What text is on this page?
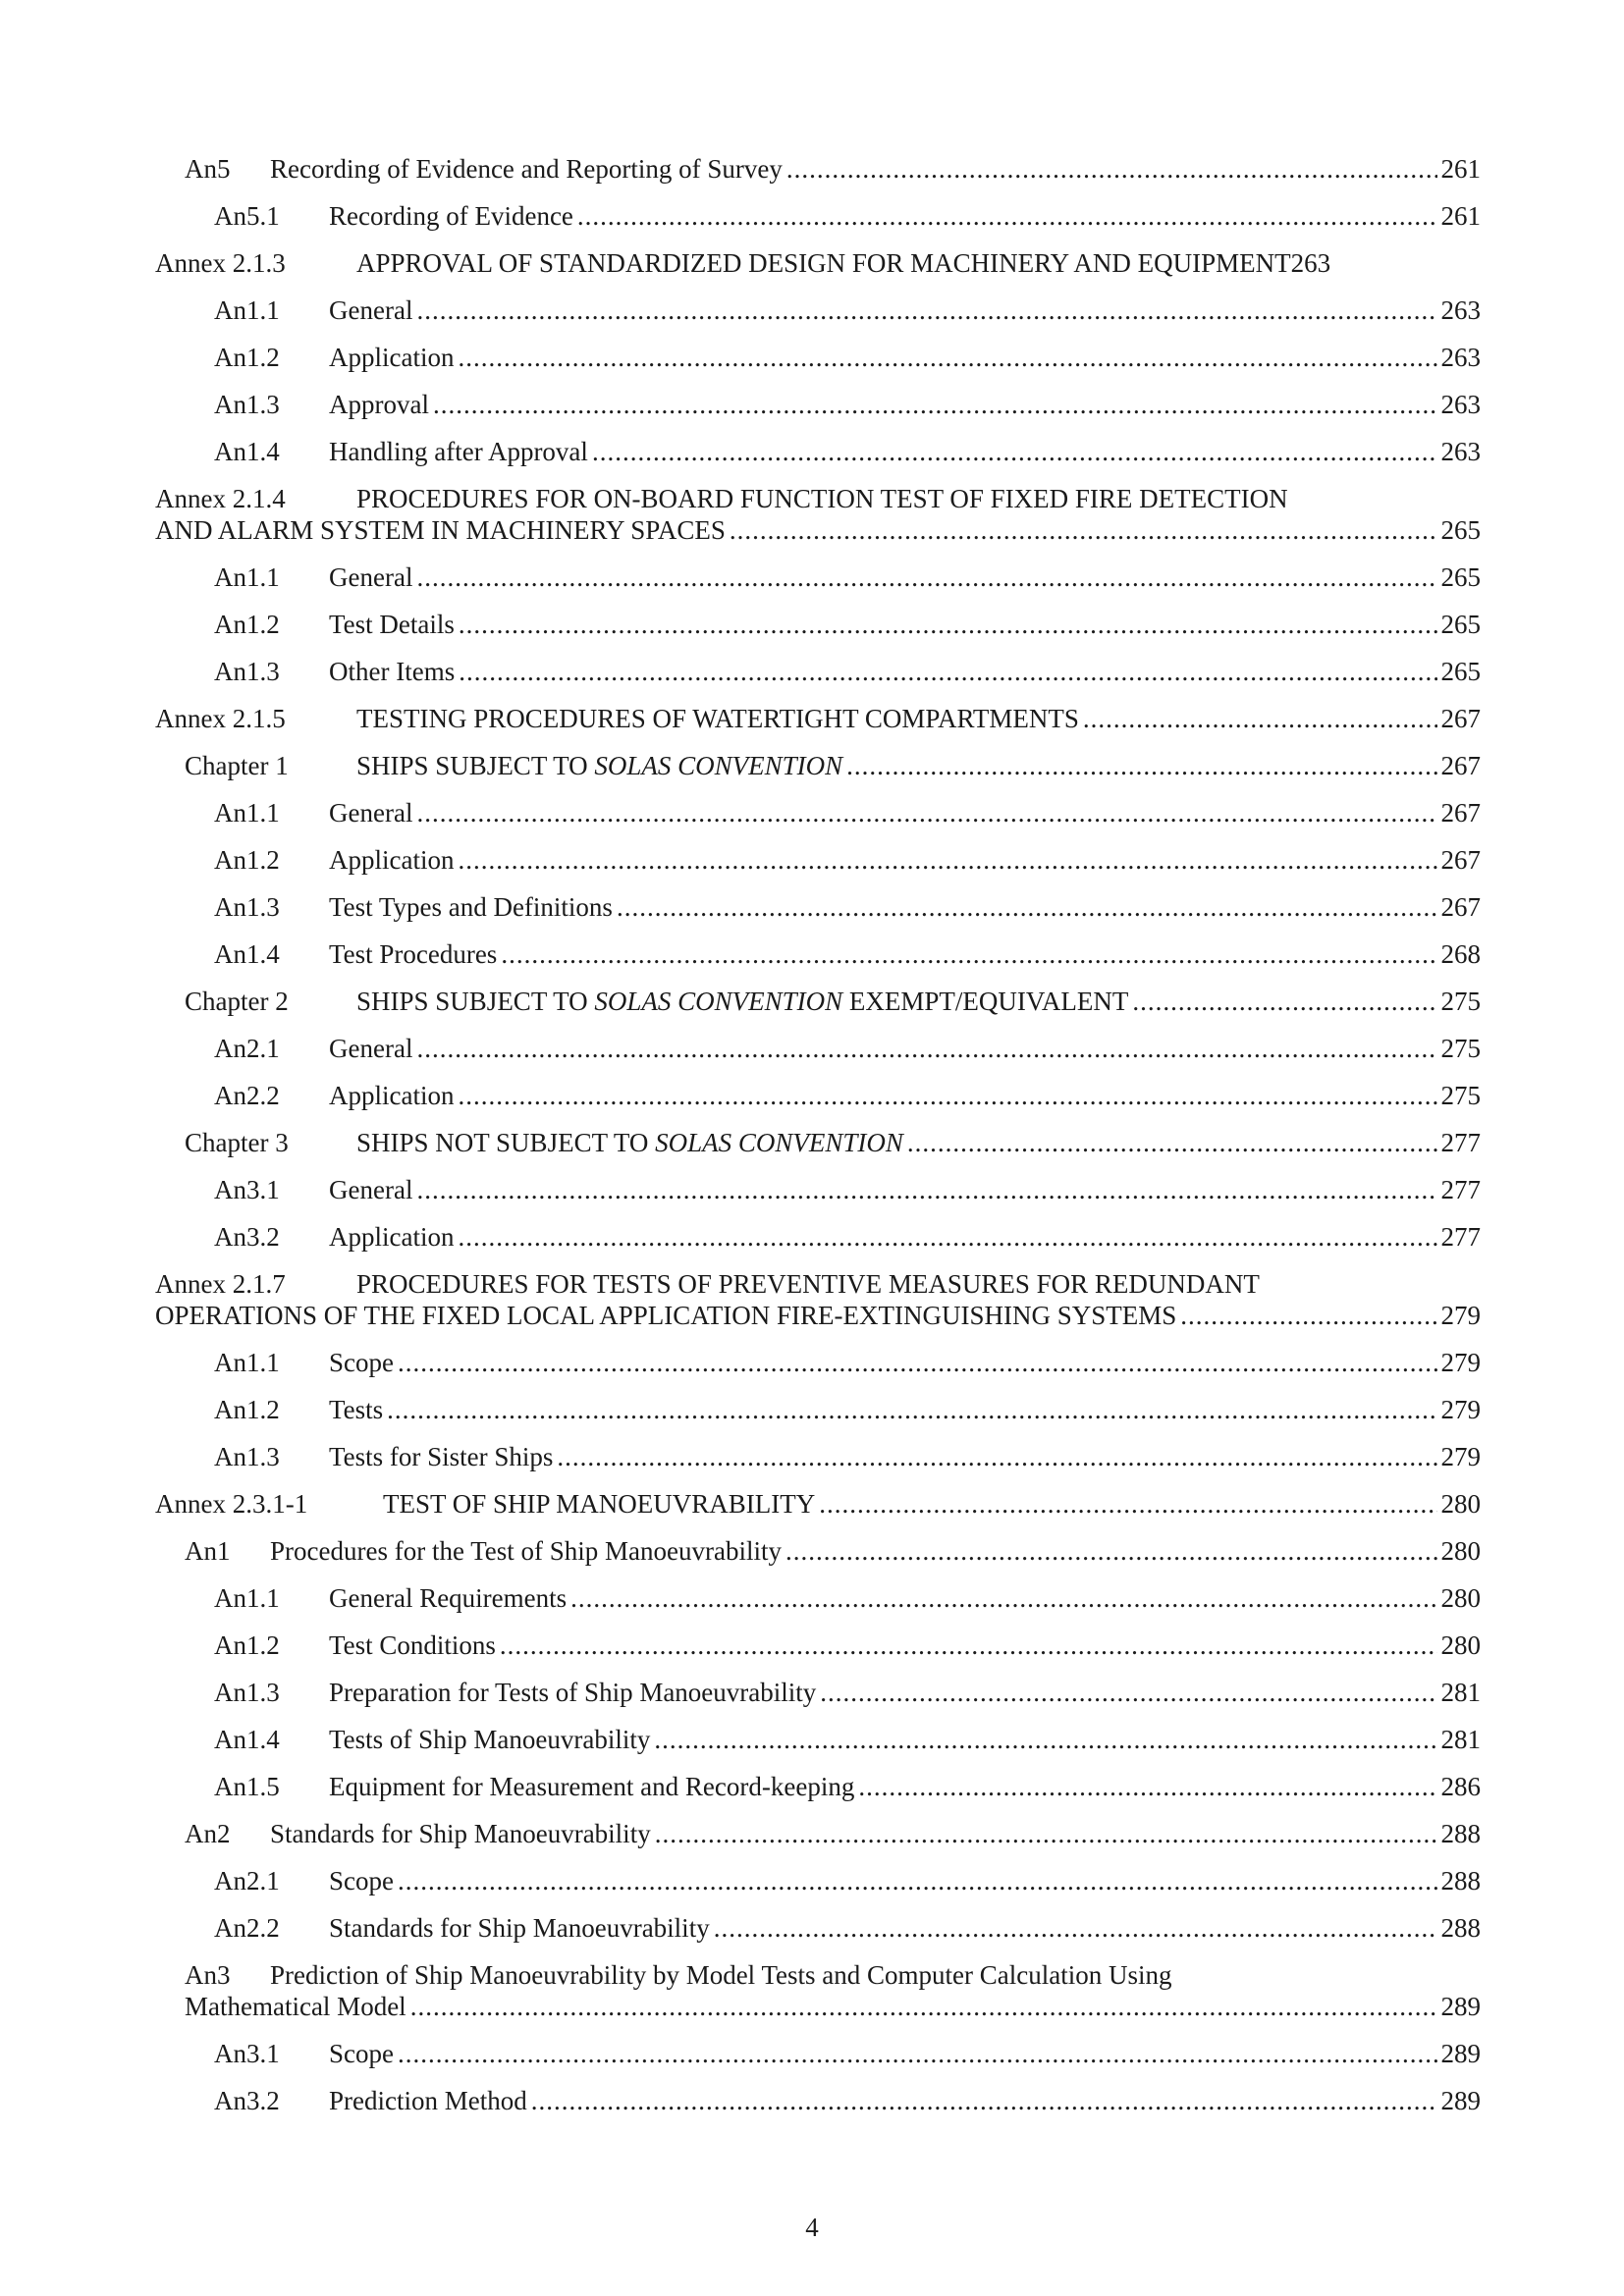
An5	Recording of Evidence and Reporting of Survey .....	261
An5.1	Recording of Evidence .....	261
Annex 2.1.3	APPROVAL OF STANDARDIZED DESIGN FOR MACHINERY AND EQUIPMENT 263
An1.1	General .....	263
An1.2	Application .....	263
An1.3	Approval .....	263
An1.4	Handling after Approval .....	263
Annex 2.1.4	PROCEDURES FOR ON-BOARD FUNCTION TEST OF FIXED FIRE DETECTION
AND ALARM SYSTEM IN MACHINERY SPACES .....	265
An1.1	General .....	265
An1.2	Test Details .....	265
An1.3	Other Items .....	265
Annex 2.1.5	TESTING PROCEDURES OF WATERTIGHT COMPARTMENTS .....	267
Chapter 1	SHIPS SUBJECT TO SOLAS CONVENTION .....	267
An1.1	General .....	267
An1.2	Application .....	267
An1.3	Test Types and Definitions .....	267
An1.4	Test Procedures .....	268
Chapter 2	SHIPS SUBJECT TO SOLAS CONVENTION EXEMPT/EQUIVALENT .....	275
An2.1	General .....	275
An2.2	Application .....	275
Chapter 3	SHIPS NOT SUBJECT TO SOLAS CONVENTION .....	277
An3.1	General .....	277
An3.2	Application .....	277
Annex 2.1.7	PROCEDURES FOR TESTS OF PREVENTIVE MEASURES FOR REDUNDANT
OPERATIONS OF THE FIXED LOCAL APPLICATION FIRE-EXTINGUISHING SYSTEMS .....	279
An1.1	Scope .....	279
An1.2	Tests .....	279
An1.3	Tests for Sister Ships .....	279
Annex 2.3.1-1	TEST OF SHIP MANOEUVRABILITY .....	280
An1	Procedures for the Test of Ship Manoeuvrability .....	280
An1.1	General Requirements .....	280
An1.2	Test Conditions .....	280
An1.3	Preparation for Tests of Ship Manoeuvrability .....	281
An1.4	Tests of Ship Manoeuvrability .....	281
An1.5	Equipment for Measurement and Record-keeping .....	286
An2	Standards for Ship Manoeuvrability .....	288
An2.1	Scope .....	288
An2.2	Standards for Ship Manoeuvrability .....	288
An3 Prediction of Ship Manoeuvrability by Model Tests and Computer Calculation Using
Mathematical Model .....	289
An3.1	Scope .....	289
An3.2	Prediction Method .....	289
4
